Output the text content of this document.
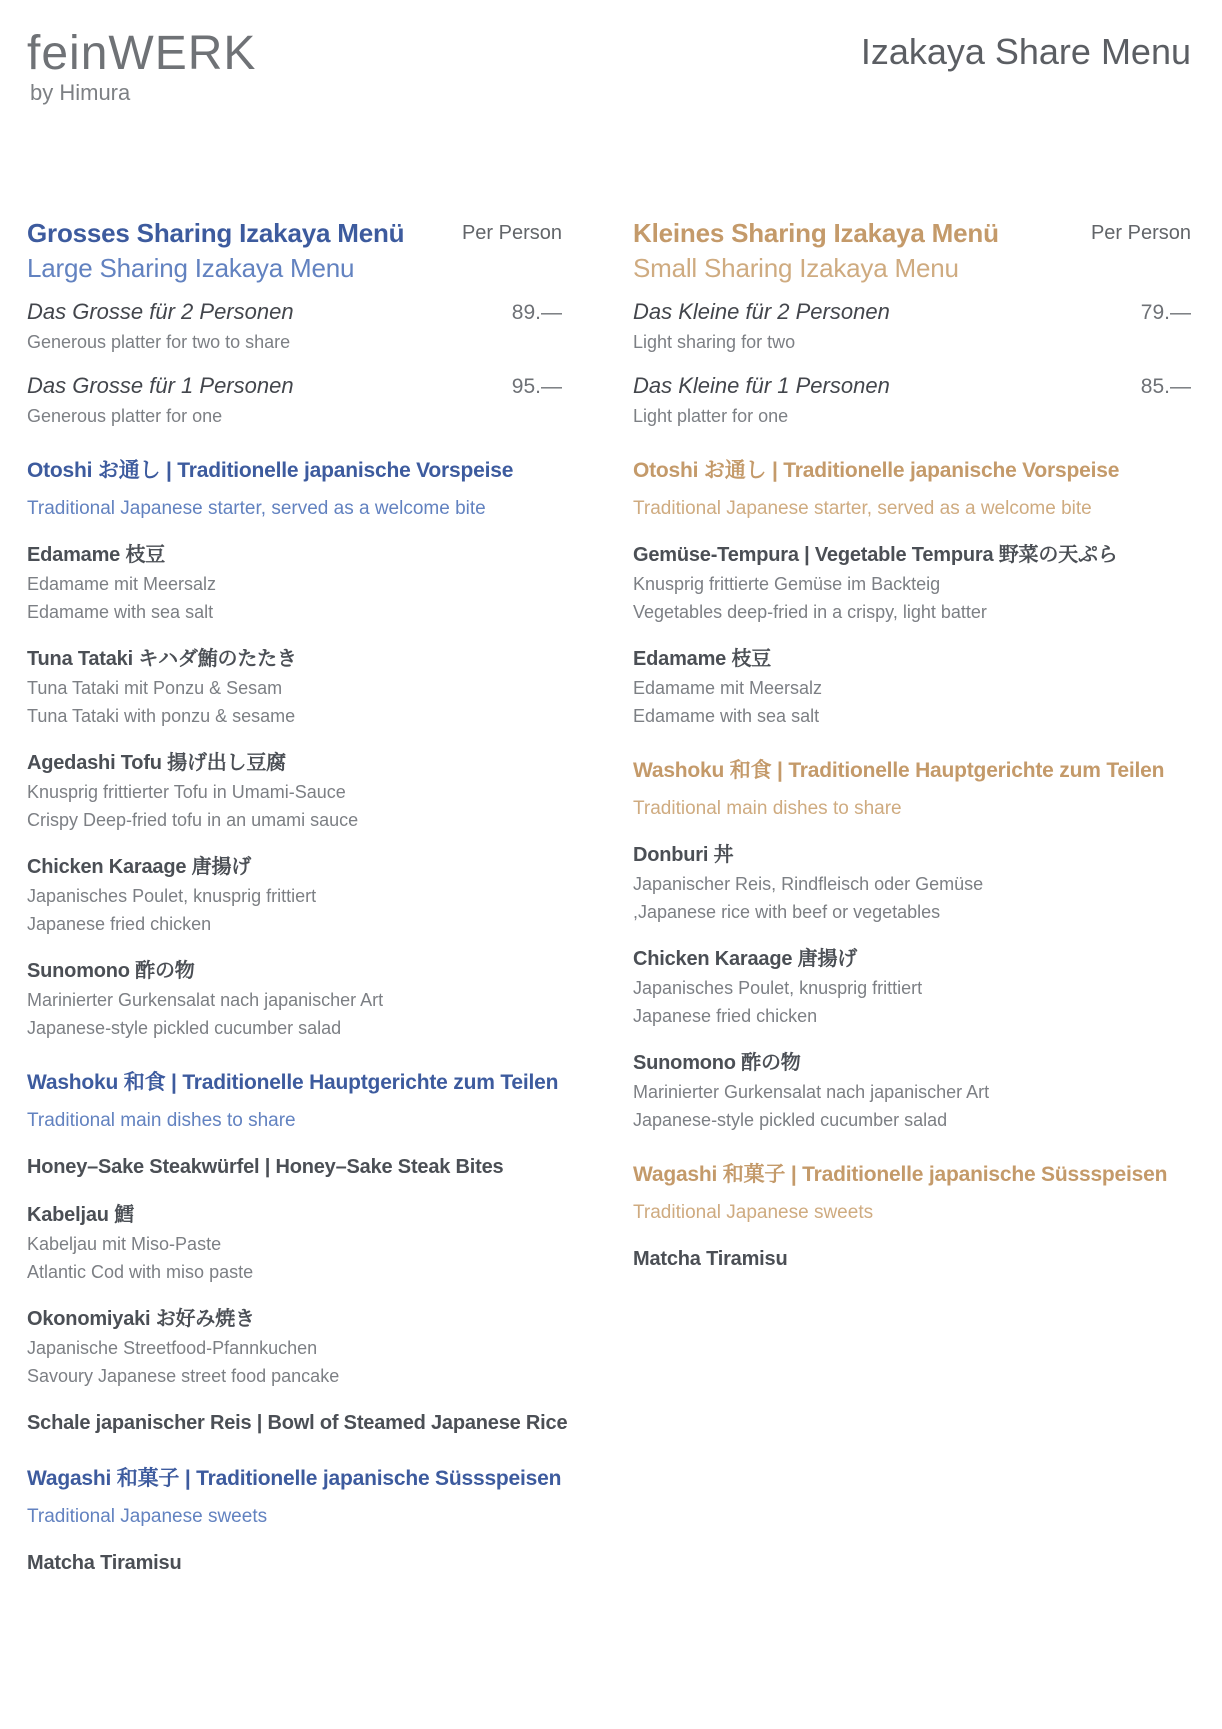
feinWERK
by Himura
Izakaya Share Menu
Grosses Sharing Izakaya Menü
Large Sharing Izakaya Menu
Per Person
Das Grosse für 2 Personen	89.—
Generous platter for two to share
Das Grosse für 1 Personen	95.—
Generous platter for one
Otoshi お通し | Traditionelle japanische Vorspeise
Traditional Japanese starter, served as a welcome bite
Edamame 枝豆
Edamame mit Meersalz
Edamame with sea salt
Tuna Tataki キハダ鮪のたたき
Tuna Tataki mit Ponzu & Sesam
Tuna Tataki with ponzu & sesame
Agedashi Tofu 揚げ出し豆腐
Knusprig frittierter Tofu in Umami-Sauce
Crispy Deep-fried tofu in an umami sauce
Chicken Karaage 唐揚げ
Japanisches Poulet, knusprig frittiert
Japanese fried chicken
Sunomono 酢の物
Marinierter Gurkensalat nach japanischer Art
Japanese-style pickled cucumber salad
Washoku 和食 | Traditionelle Hauptgerichte zum Teilen
Traditional main dishes to share
Honey–Sake Steakwürfel | Honey–Sake Steak Bites
Kabeljau 鱈
Kabeljau mit Miso-Paste
Atlantic Cod with miso paste
Okonomiyaki お好み焼き
Japanische Streetfood-Pfannkuchen
Savoury Japanese street food pancake
Schale japanischer Reis | Bowl of Steamed Japanese Rice
Wagashi 和菓子 | Traditionelle japanische Süssspeisen
Traditional Japanese sweets
Matcha Tiramisu
Kleines Sharing Izakaya Menü
Small Sharing Izakaya Menu
Per Person
Das Kleine für 2 Personen	79.—
Light sharing for two
Das Kleine für 1 Personen	85.—
Light platter for one
Otoshi お通し | Traditionelle japanische Vorspeise
Traditional Japanese starter, served as a welcome bite
Gemüse-Tempura | Vegetable Tempura 野菜の天ぷら
Knusprig frittierte Gemüse im Backteig
Vegetables deep-fried in a crispy, light batter
Edamame 枝豆
Edamame mit Meersalz
Edamame with sea salt
Washoku 和食 | Traditionelle Hauptgerichte zum Teilen
Traditional main dishes to share
Donburi 丼
Japanischer Reis, Rindfleisch oder Gemüse
,Japanese rice with beef or vegetables
Chicken Karaage 唐揚げ
Japanisches Poulet, knusprig frittiert
Japanese fried chicken
Sunomono 酢の物
Marinierter Gurkensalat nach japanischer Art
Japanese-style pickled cucumber salad
Wagashi 和菓子 | Traditionelle japanische Süssspeisen
Traditional Japanese sweets
Matcha Tiramisu
